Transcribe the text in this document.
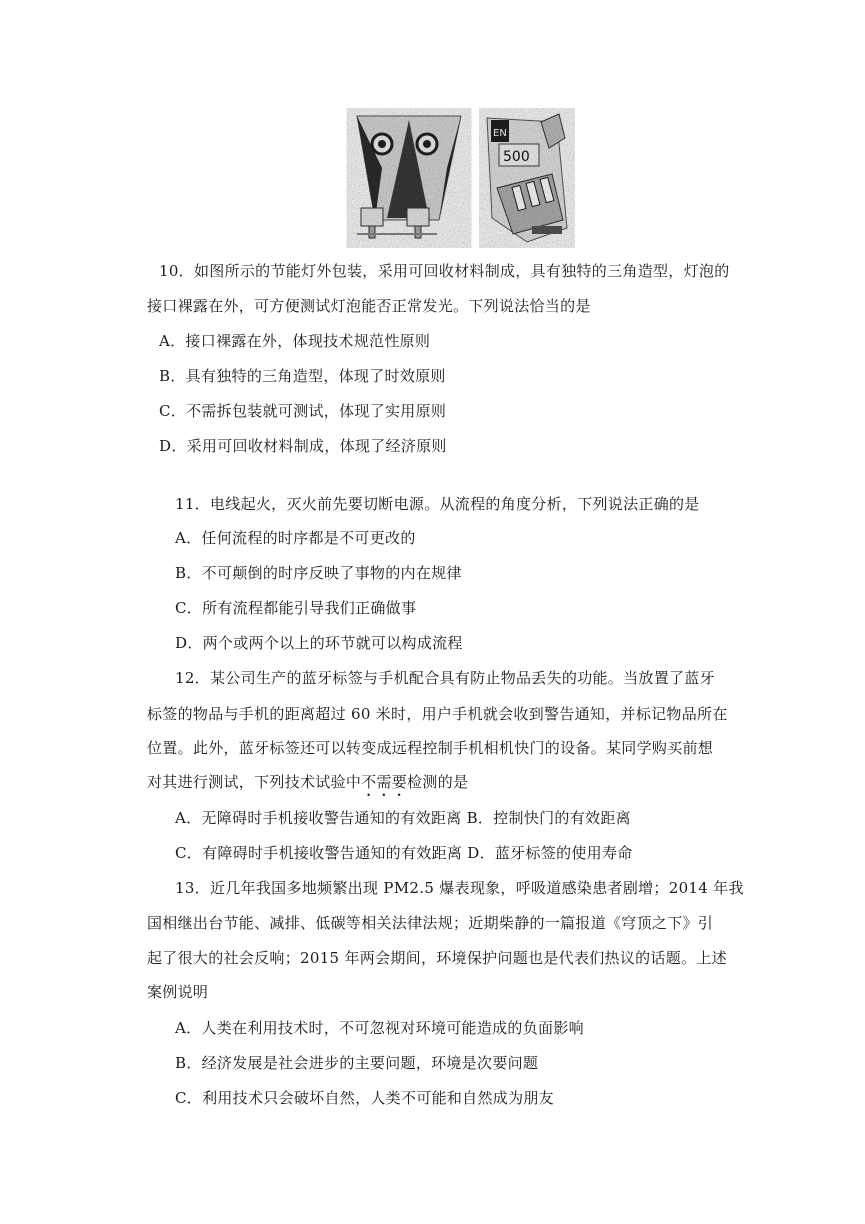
EN
500
10．如图所示的节能灯外包装，采用可回收材料制成，具有独特的三角造型，灯泡的
接口裸露在外，可方便测试灯泡能否正常发光。下列说法恰当的是
A．接口裸露在外，体现技术规范性原则
B．具有独特的三角造型，体现了时效原则
C．不需拆包装就可测试，体现了实用原则
D．采用可回收材料制成，体现了经济原则
11．电线起火，灭火前先要切断电源。从流程的角度分析，下列说法正确的是
A．任何流程的时序都是不可更改的
B．不可颠倒的时序反映了事物的内在规律
C．所有流程都能引导我们正确做事
D．两个或两个以上的环节就可以构成流程
12．某公司生产的蓝牙标签与手机配合具有防止物品丢失的功能。当放置了蓝牙
标签的物品与手机的距离超过 60 米时，用户手机就会收到警告通知，并标记物品所在
位置。此外，蓝牙标签还可以转变成远程控制手机相机快门的设备。某同学购买前想
对其进行测试，下列技术试验中不需要检测的是
A．无障碍时手机接收警告通知的有效距离 B．控制快门的有效距离
C．有障碍时手机接收警告通知的有效距离 D．蓝牙标签的使用寿命
13．近几年我国多地频繁出现 PM2.5 爆表现象，呼吸道感染患者剧增；2014 年我
国相继出台节能、减排、低碳等相关法律法规；近期柴静的一篇报道《穹顶之下》引
起了很大的社会反响；2015 年两会期间，环境保护问题也是代表们热议的话题。上述
案例说明
A．人类在利用技术时，不可忽视对环境可能造成的负面影响
B．经济发展是社会进步的主要问题，环境是次要问题
C．利用技术只会破坏自然，人类不可能和自然成为朋友
